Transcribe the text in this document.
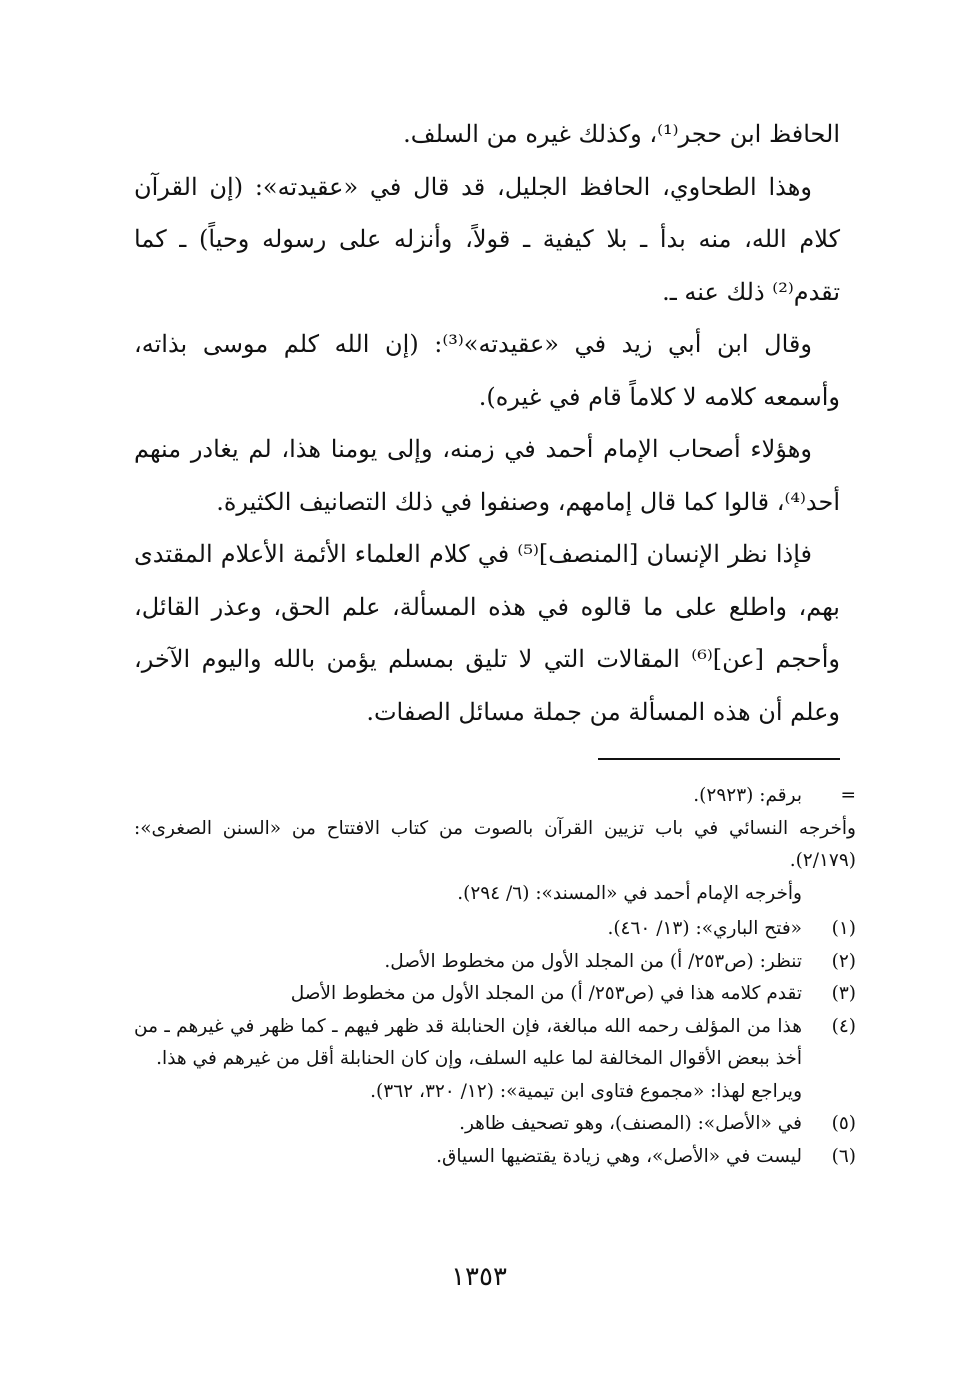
الحافظ ابن حجر⁽¹⁾، وكذلك غيره من السلف.

وهذا الطحاوي، الحافظ الجليل، قد قال في «عقيدته»: (إن القرآن كلام الله، منه بدأ ـ بلا كيفية ـ قولاً، وأنزله على رسوله وحياً) ـ كما تقدم⁽²⁾ ذلك عنه ـ.

وقال ابن أبي زيد في «عقيدته»⁽³⁾: (إن الله كلم موسى بذاته، وأسمعه كلامه لا كلاماً قام في غيره).

وهؤلاء أصحاب الإمام أحمد في زمنه، وإلى يومنا هذا، لم يغادر منهم أحد⁽⁴⁾، قالوا كما قال إمامهم، وصنفوا في ذلك التصانيف الكثيرة.

فإذا نظر الإنسان [المنصف]⁽⁵⁾ في كلام العلماء الأئمة الأعلام المقتدى بهم، واطلع على ما قالوه في هذه المسألة، علم الحق، وعذر القائل، وأحجم [عن]⁽⁶⁾ المقالات التي لا تليق بمسلم يؤمن بالله واليوم الآخر، وعلم أن هذه المسألة من جملة مسائل الصفات.

=
برقم: (٢٩٢٣).
وأخرجه النسائي في باب تزيين القرآن بالصوت من كتاب الافتتاح من «السنن الصغرى»: (٢/١٧٩).
وأخرجه الإمام أحمد في «المسند»: (٦/ ٢٩٤).
(١)
«فتح الباري»: (١٣/ ٤٦٠).
(٢)
تنظر: (ص٢٥٣/ أ) من المجلد الأول من مخطوط الأصل.
(٣)
تقدم كلامه هذا في (ص٢٥٣/ أ) من المجلد الأول من مخطوط الأصل
(٤)
هذا من المؤلف رحمه الله مبالغة، فإن الحنابلة قد ظهر فيهم ـ كما ظهر في غيرهم ـ من أخذ ببعض الأقوال المخالفة لما عليه السلف، وإن كان الحنابلة أقل من غيرهم في هذا.
ويراجع لهذا: «مجموع فتاوى ابن تيمية»: (١٢/ ٣٢٠، ٣٦٢).
(٥)
في «الأصل»: (المصنف)، وهو تصحيف ظاهر.
(٦)
ليست في «الأصل»، وهي زيادة يقتضيها السياق.
١٣٥٣
